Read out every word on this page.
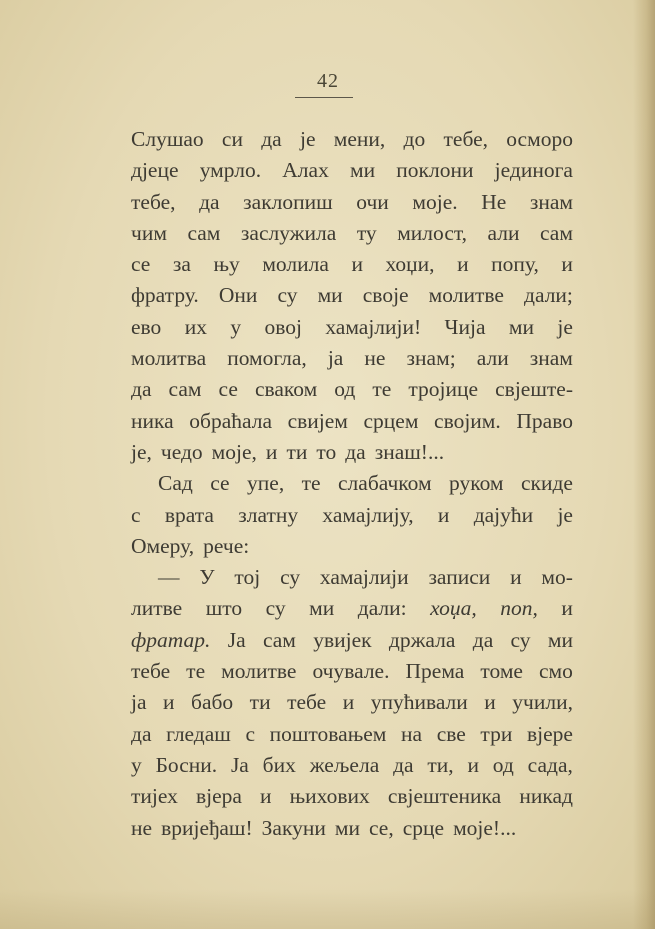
42
Слушао си да је мени, до тебе, осморо
дјеце умрло. Алах ми поклони јединога
тебе, да заклопиш очи моје. Не знам
чим сам заслужила ту милост, али сам
се за њу молила и хоџи, и попу, и
фратру. Они су ми своје молитве дали;
ево их у овој хамајлији! Чија ми је
молитва помогла, ја не знам; али знам
да сам се сваком од те тројице свјеште-
ника обраћала свијем срцем својим. Право
је, чедо моје, и ти то да знаш!...
Сад се упе, те слабачком руком скиде
с врата златну хамајлију, и дајући је
Омеру, рече:
— У тој су хамајлији записи и мо-
литве што су ми дали: хоџа, поп, и
фратар. Ја сам увијек држала да су ми
тебе те молитве очувале. Према томе смо
ја и бабо ти тебе и упућивали и учили,
да гледаш с поштовањем на све три вјере
у Босни. Ја бих жељела да ти, и од сада,
тијех вјера и њихових свјештеника никад
не вријеђаш! Закуни ми се, срце моје!...
